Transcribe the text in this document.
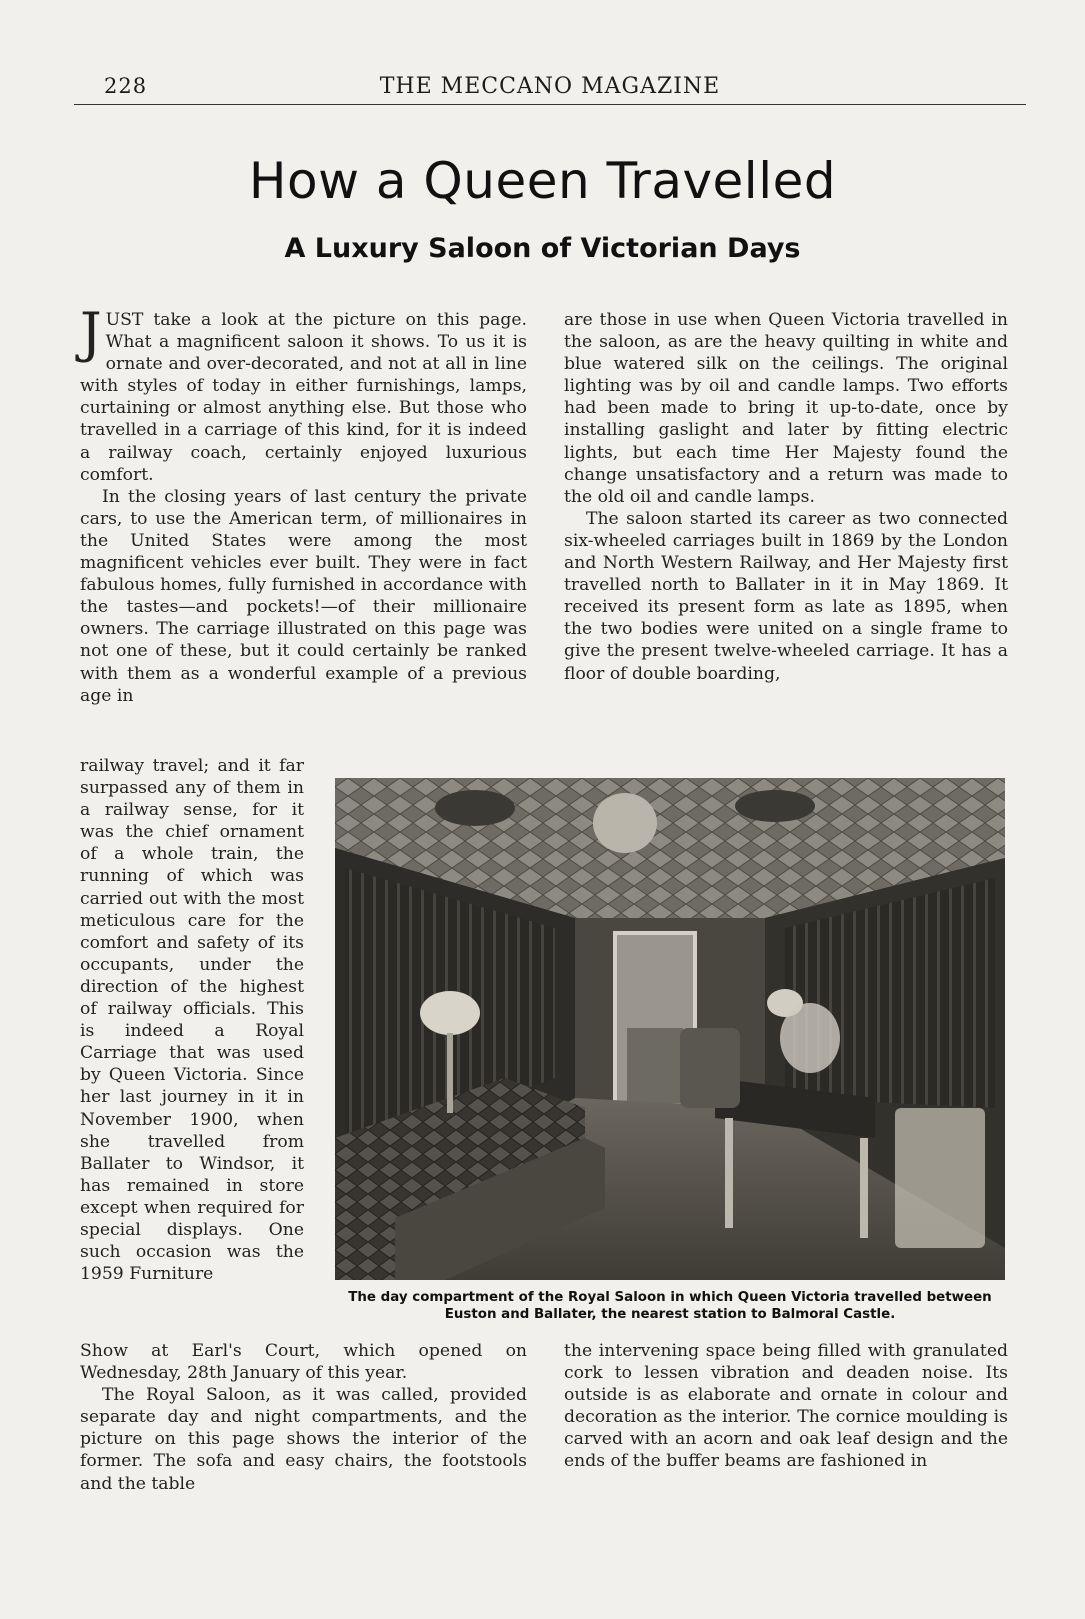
228	THE MECCANO MAGAZINE
How a Queen Travelled
A Luxury Saloon of Victorian Days

JUST take a look at the picture on this page. What a magnificent saloon it shows. To us it is ornate and over-decorated, and not at all in line with styles of today in either furnishings, lamps, curtaining or almost anything else. But those who travelled in a carriage of this kind, for it is indeed a railway coach, certainly enjoyed luxurious comfort.

In the closing years of last century the private cars, to use the American term, of millionaires in the United States were among the most magnificent vehicles ever built. They were in fact fabulous homes, fully furnished in accordance with the tastes—and pockets!—of their millionaire owners. The carriage illustrated on this page was not one of these, but it could certainly be ranked with them as a wonderful example of a previous age in

railway travel; and it far surpassed any of them in a railway sense, for it was the chief ornament of a whole train, the running of which was carried out with the most meticulous care for the comfort and safety of its occupants, under the direction of the highest of railway officials. This is indeed a Royal Carriage that was used by Queen Victoria. Since her last journey in it in November 1900, when she travelled from Ballater to Windsor, it has remained in store except when required for special displays. One such occasion was the 1959 Furniture

Show at Earl's Court, which opened on Wednesday, 28th January of this year.

The Royal Saloon, as it was called, provided separate day and night compartments, and the picture on this page shows the interior of the former. The sofa and easy chairs, the footstools and the table

are those in use when Queen Victoria travelled in the saloon, as are the heavy quilting in white and blue watered silk on the ceilings. The original lighting was by oil and candle lamps. Two efforts had been made to bring it up-to-date, once by installing gaslight and later by fitting electric lights, but each time Her Majesty found the change unsatisfactory and a return was made to the old oil and candle lamps.

The saloon started its career as two connected six-wheeled carriages built in 1869 by the London and North Western Railway, and Her Majesty first travelled north to Ballater in it in May 1869. It received its present form as late as 1895, when the two bodies were united on a single frame to give the present twelve-wheeled carriage. It has a floor of double boarding,

the intervening space being filled with granulated cork to lessen vibration and deaden noise. Its outside is as elaborate and ornate in colour and decoration as the interior. The cornice moulding is carved with an acorn and oak leaf design and the ends of the buffer beams are fashioned in

The day compartment of the Royal Saloon in which Queen Victoria travelled between
Euston and Ballater, the nearest station to Balmoral Castle.
